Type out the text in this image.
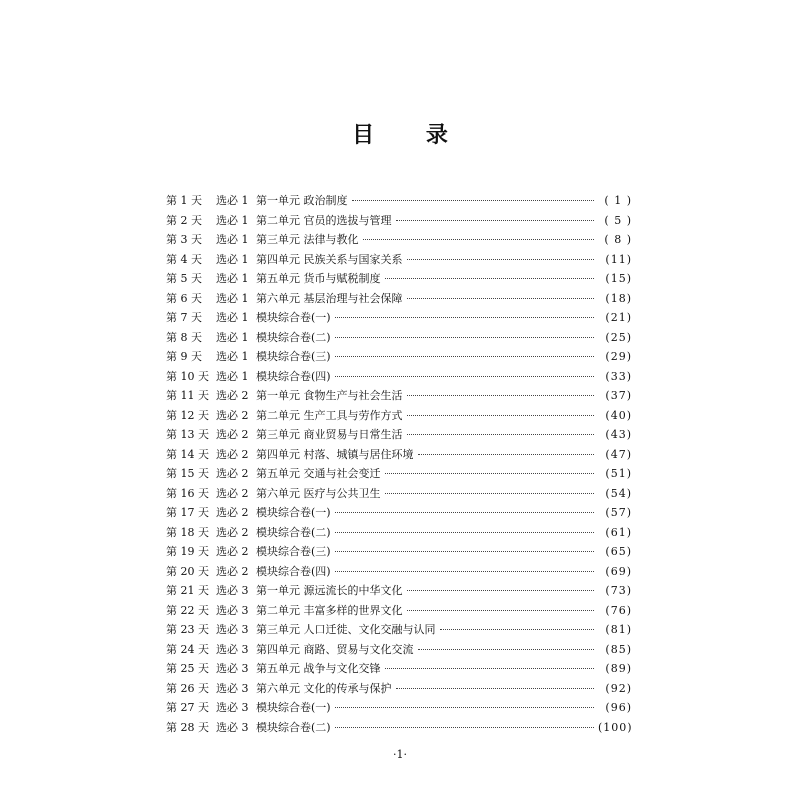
目 录
第 1 天	选必 1 第一单元 政治制度	( 1 )
第 2 天	选必 1 第二单元 官员的选拔与管理	( 5 )
第 3 天	选必 1 第三单元 法律与教化	( 8 )
第 4 天	选必 1 第四单元 民族关系与国家关系	(11)
第 5 天	选必 1 第五单元 货币与赋税制度	(15)
第 6 天	选必 1 第六单元 基层治理与社会保障	(18)
第 7 天	选必 1 模块综合卷(一)	(21)
第 8 天	选必 1 模块综合卷(二)	(25)
第 9 天	选必 1 模块综合卷(三)	(29)
第 10 天 选必 1 模块综合卷(四)	(33)
第 11 天 选必 2 第一单元 食物生产与社会生活	(37)
第 12 天 选必 2 第二单元 生产工具与劳作方式	(40)
第 13 天 选必 2 第三单元 商业贸易与日常生活	(43)
第 14 天 选必 2 第四单元 村落、城镇与居住环境	(47)
第 15 天 选必 2 第五单元 交通与社会变迁	(51)
第 16 天 选必 2 第六单元 医疗与公共卫生	(54)
第 17 天 选必 2 模块综合卷(一)	(57)
第 18 天 选必 2 模块综合卷(二)	(61)
第 19 天 选必 2 模块综合卷(三)	(65)
第 20 天 选必 2 模块综合卷(四)	(69)
第 21 天 选必 3 第一单元 源远流长的中华文化	(73)
第 22 天 选必 3 第二单元 丰富多样的世界文化	(76)
第 23 天 选必 3 第三单元 人口迁徙、文化交融与认同	(81)
第 24 天 选必 3 第四单元 商路、贸易与文化交流	(85)
第 25 天 选必 3 第五单元 战争与文化交锋	(89)
第 26 天 选必 3 第六单元 文化的传承与保护	(92)
第 27 天 选必 3 模块综合卷(一)	(96)
第 28 天 选必 3 模块综合卷(二)	(100)
·1·
